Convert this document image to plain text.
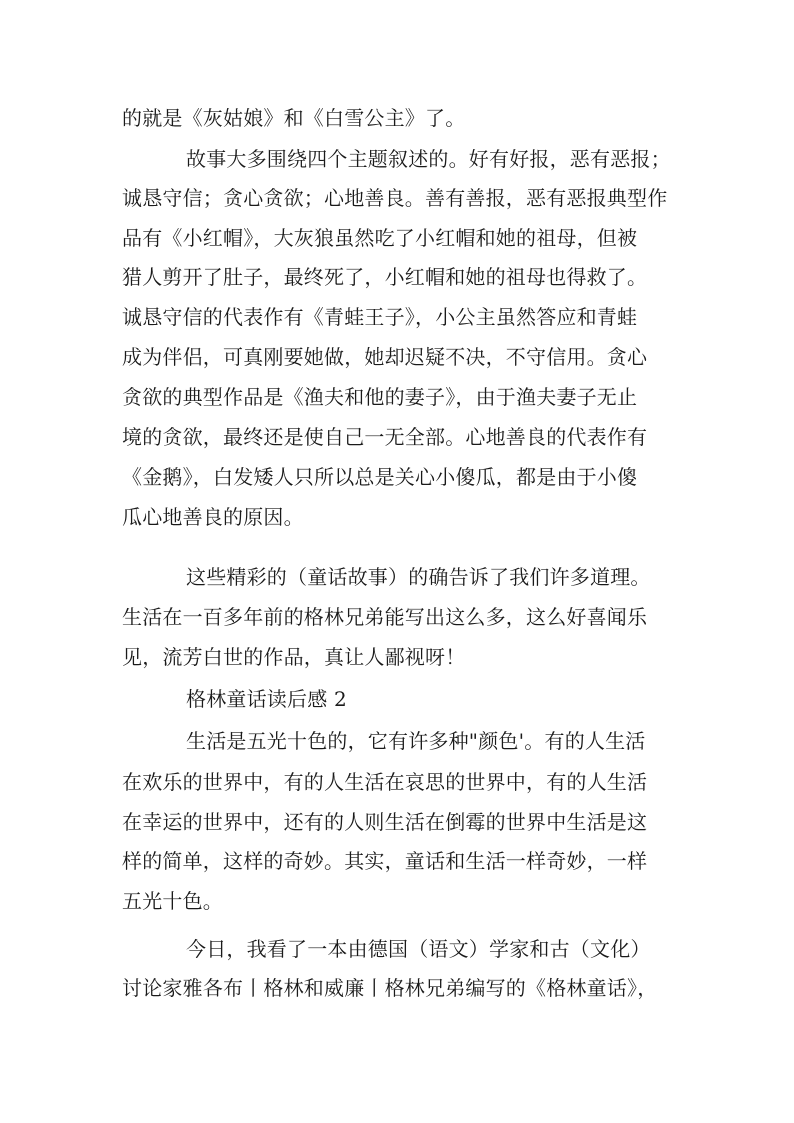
的就是《灰姑娘》和《白雪公主》了。
故事大多围绕四个主题叙述的。好有好报，恶有恶报；
诚恳守信；贪心贪欲；心地善良。善有善报，恶有恶报典型作
品有《小红帽》，大灰狼虽然吃了小红帽和她的祖母，但被
猎人剪开了肚子，最终死了，小红帽和她的祖母也得救了。
诚恳守信的代表作有《青蛙王子》，小公主虽然答应和青蛙
成为伴侣，可真刚要她做，她却迟疑不决，不守信用。贪心
贪欲的典型作品是《渔夫和他的妻子》，由于渔夫妻子无止
境的贪欲，最终还是使自己一无全部。心地善良的代表作有
《金鹅》，白发矮人只所以总是关心小傻瓜，都是由于小傻
瓜心地善良的原因。
这些精彩的（童话故事）的确告诉了我们许多道理。
生活在一百多年前的格林兄弟能写出这么多，这么好喜闻乐
见，流芳白世的作品，真让人鄙视呀！
格林童话读后感 2
生活是五光十色的，它有许多种"颜色'。有的人生活
在欢乐的世界中，有的人生活在哀思的世界中，有的人生活
在幸运的世界中，还有的人则生活在倒霉的世界中生活是这
样的简单，这样的奇妙。其实，童话和生活一样奇妙，一样
五光十色。
今日，我看了一本由德国（语文）学家和古（文化）
讨论家雅各布丨格林和威廉丨格林兄弟编写的《格林童话》，
